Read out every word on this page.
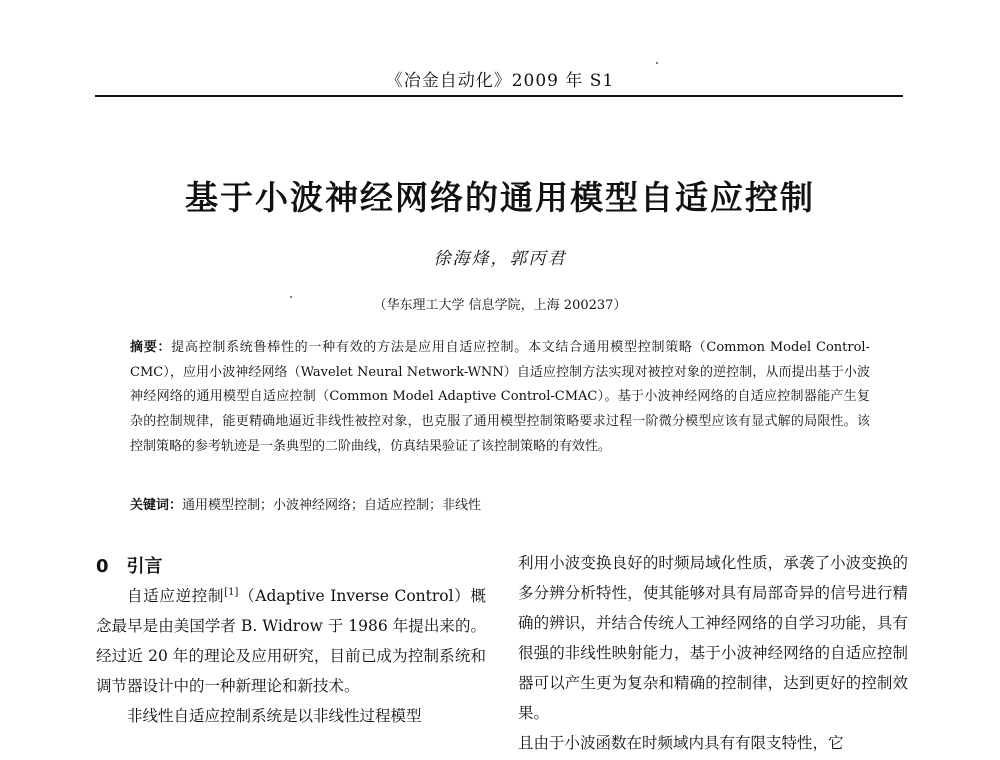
《冶金自动化》2009 年 S1
基于小波神经网络的通用模型自适应控制
徐海烽，郭丙君
（华东理工大学 信息学院，上海 200237）
摘要：提高控制系统鲁棒性的一种有效的方法是应用自适应控制。本文结合通用模型控制策略（Common Model Control-CMC），应用小波神经网络（Wavelet Neural Network-WNN）自适应控制方法实现对被控对象的逆控制，从而提出基于小波神经网络的通用模型自适应控制（Common Model Adaptive Control-CMAC）。基于小波神经网络的自适应控制器能产生复杂的控制规律，能更精确地逼近非线性被控对象，也克服了通用模型控制策略要求过程一阶微分模型应该有显式解的局限性。该控制策略的参考轨迹是一条典型的二阶曲线，仿真结果验证了该控制策略的有效性。
关键词：通用模型控制；小波神经网络；自适应控制；非线性
0 引言

自适应逆控制[1]（Adaptive Inverse Control）概念最早是由美国学者 B. Widrow 于 1986 年提出来的。经过近 20 年的理论及应用研究，目前已成为控制系统和调节器设计中的一种新理论和新技术。

非线性自适应控制系统是以非线性过程模型

利用小波变换良好的时频局域化性质，承袭了小波变换的多分辨分析特性，使其能够对具有局部奇异的信号进行精确的辨识，并结合传统人工神经网络的自学习功能，具有很强的非线性映射能力，基于小波神经网络的自适应控制器可以产生更为复杂和精确的控制律，达到更好的控制效果。

且由于小波函数在时频域内具有有限支特性，它
